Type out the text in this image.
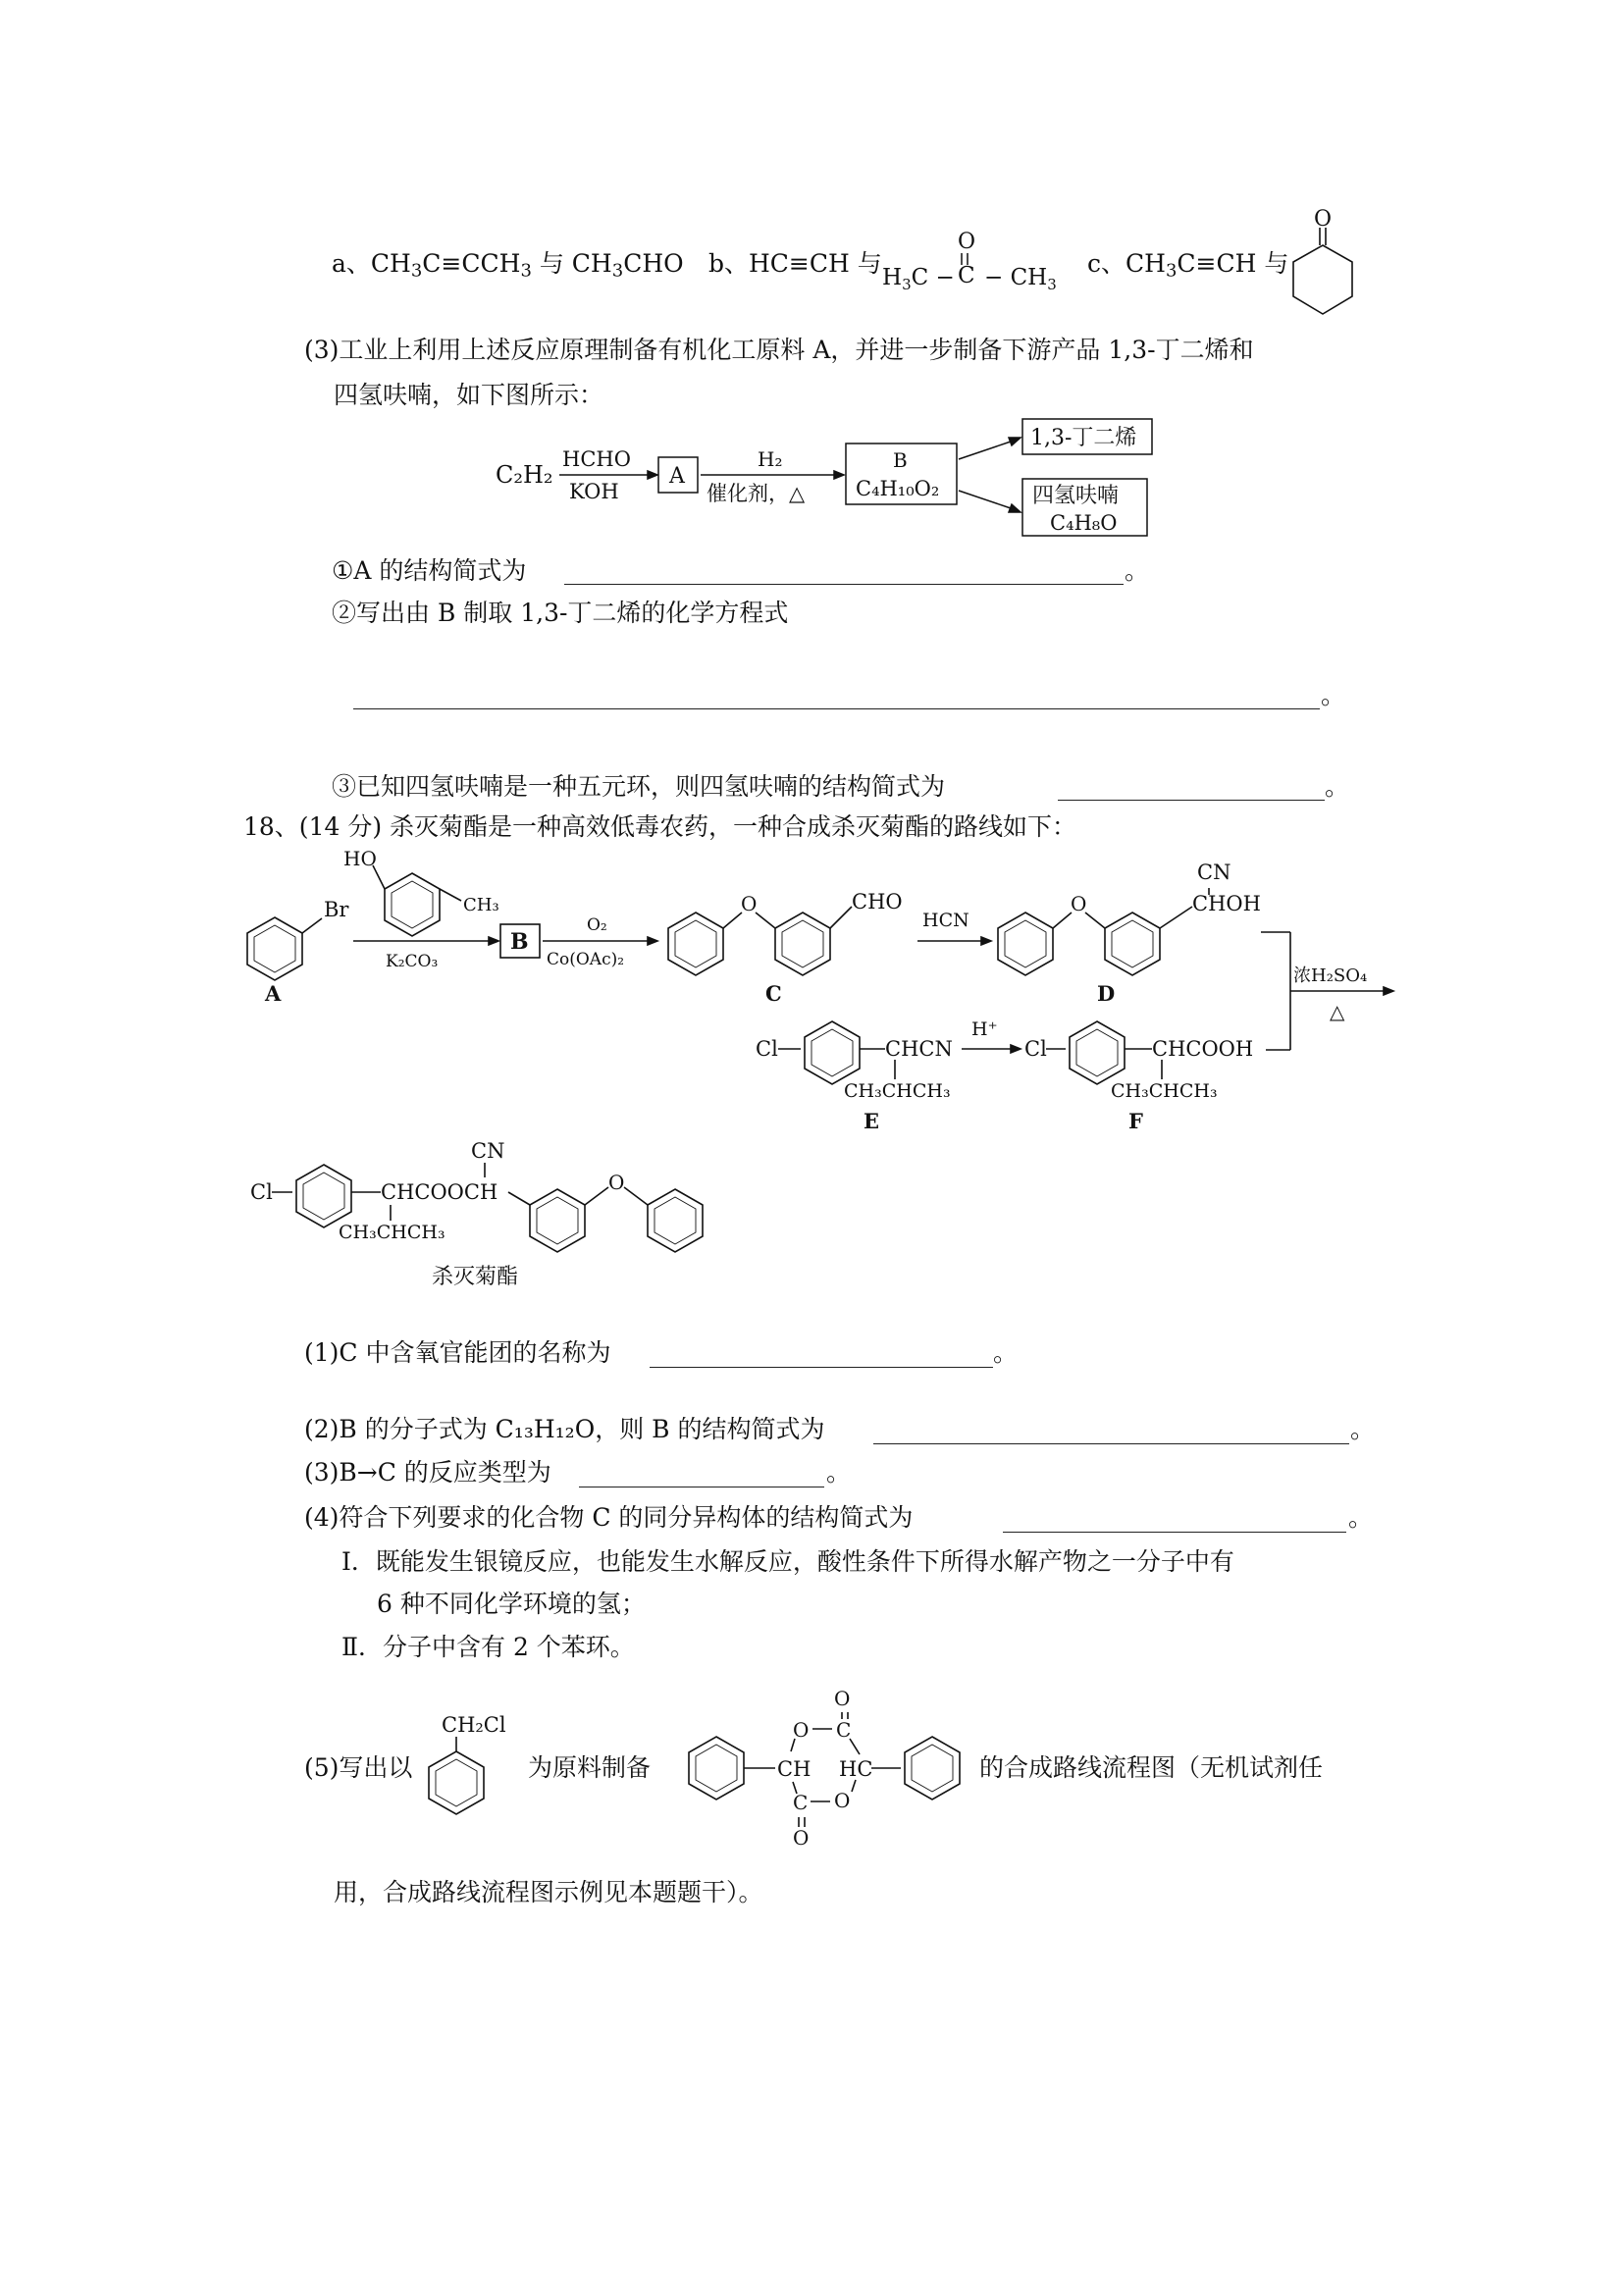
a、$CH_3C\equiv CCH_3$ 与 $CH_3CHO$ b、HC≡CH 与	c、$CH_3C\equiv CH$ 与
$H_3C - C - CH_3$
O
O
C₂H₂
HCHO
KOH
A
H₂
催化剂，△
B
C₄H₁₀O₂
1,3-丁二烯
四氢呋喃
C₄H₈O
Br
A
HO
CH₃
K₂CO₃
B
O₂
Co(OAc)₂
O	CHO
C
HCN
O	CHOH
CN
D
浓H₂SO₄
△
Cl	CHCN
CH₃CHCH₃
E
H⁺
Cl	CHCOOH
CH₃CHCH₃
F
Cl	CHCOOCH
CH₃CHCH₃
CN
O
杀灭菊酯
CH₂Cl
CH
O C
O
HC
O
C
O
(3)工业上利用上述反应原理制备有机化工原料 A，并进一步制备下游产品 1,3-丁二烯和
四氢呋喃，如下图所示：
①A 的结构简式为	。
②写出由 B 制取 1,3-丁二烯的化学方程式
。
③已知四氢呋喃是一种五元环，则四氢呋喃的结构简式为	。
18、(14 分) 杀灭菊酯是一种高效低毒农药，一种合成杀灭菊酯的路线如下：
(1)C 中含氧官能团的名称为	。
(2)B 的分子式为 C₁₃H₁₂O，则 B 的结构简式为	。
(3)B→C 的反应类型为	。
(4)符合下列要求的化合物 C 的同分异构体的结构简式为	。
Ⅰ．既能发生银镜反应，也能发生水解反应，酸性条件下所得水解产物之一分子中有
6 种不同化学环境的氢；
Ⅱ．分子中含有 2 个苯环。
(5)写出以	为原料制备	的合成路线流程图（无机试剂任
用，合成路线流程图示例见本题题干）。
